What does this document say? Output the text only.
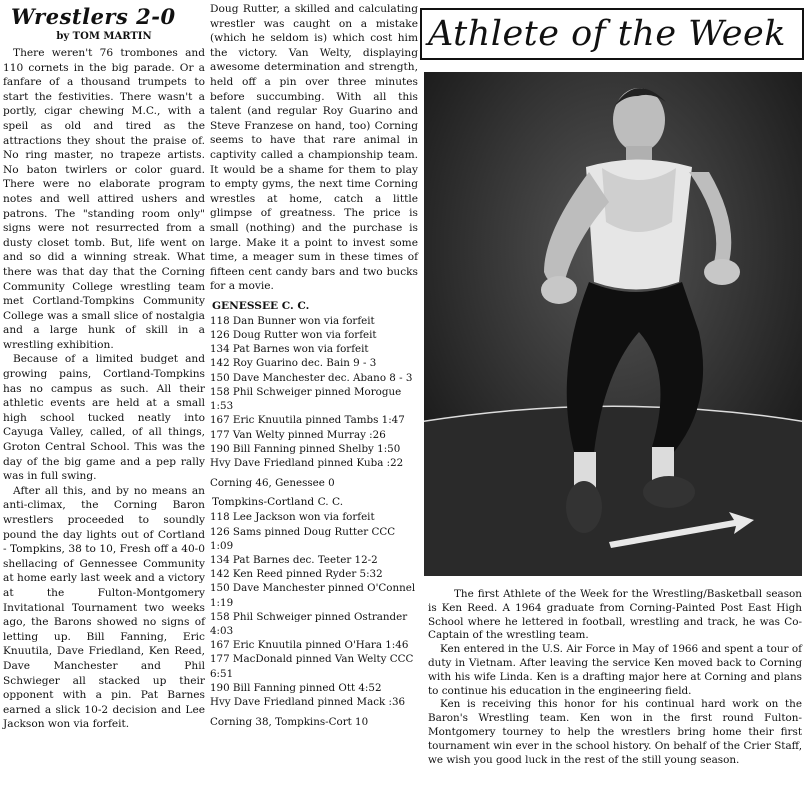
Wrestlers 2-0
by TOM MARTIN

There weren't 76 trombones and 110 cornets in the big parade. Or a fanfare of a thousand trumpets to start the festivities. There wasn't a portly, cigar chewing M.C., with a speil as old and tired as the attractions they shout the praise of. No ring master, no trapeze artists. No baton twirlers or color guard. There were no elaborate program notes and well attired ushers and patrons. The "standing room only" signs were not resurrected from a dusty closet tomb. But, life went on and so did a winning streak. What there was that day that the Corning Community College wrestling team met Cortland-Tompkins Community College was a small slice of nostalgia and a large hunk of skill in a wrestling exhibition.

Because of a limited budget and growing pains, Cortland-Tompkins has no campus as such. All their athletic events are held at a small high school tucked neatly into Cayuga Valley, called, of all things, Groton Central School. This was the day of the big game and a pep rally was in full swing.

After all this, and by no means an anti-climax, the Corning Baron wrestlers proceeded to soundly pound the day lights out of Cortland - Tompkins, 38 to 10, Fresh off a 40-0 shellacing of Gennessee Community at home early last week and a victory at the Fulton-Montgomery Invitational Tournament two weeks ago, the Barons showed no signs of letting up. Bill Fanning, Eric Knuutila, Dave Friedland, Ken Reed, Dave Manchester and Phil Schwieger all stacked up their opponent with a pin. Pat Barnes earned a slick 10-2 decision and Lee Jackson won via forfeit.

Doug Rutter, a skilled and calculating wrestler was caught on a mistake (which he seldom is) which cost him the victory. Van Welty, displaying awesome determination and strength, held off a pin over three minutes before succumbing. With all this talent (and regular Roy Guarino and Steve Franzese on hand, too) Corning seems to have that rare animal in captivity called a championship team. It would be a shame for them to play to empty gyms, the next time Corning wrestles at home, catch a little glimpse of greatness. The price is small (nothing) and the purchase is large. Make it a point to invest some time, a meager sum in these times of fifteen cent candy bars and two bucks for a movie.

GENESSEE C. C.

118 Dan Bunner won via forfeit

126 Doug Rutter won via forfeit

134 Pat Barnes won via forfeit

142 Roy Guarino dec. Bain 9 - 3

150 Dave Manchester dec. Abano 8 - 3

158 Phil Schweiger pinned Morogue 1:53

167 Eric Knuutila pinned Tambs 1:47

177 Van Welty pinned Murray :26

190 Bill Fanning pinned Shelby 1:50

Hvy Dave Friedland pinned Kuba :22

Corning 46, Genessee 0

Tompkins-Cortland C. C.

118 Lee Jackson won via forfeit

126 Sams pinned Doug Rutter CCC 1:09

134 Pat Barnes dec. Teeter 12-2

142 Ken Reed pinned Ryder 5:32

150 Dave Manchester pinned O'Connel 1:19

158 Phil Schweiger pinned Ostrander 4:03

167 Eric Knuutila pinned O'Hara 1:46

177 MacDonald pinned Van Welty CCC 6:51

190 Bill Fanning pinned Ott 4:52

Hvy Dave Friedland pinned Mack :36

Corning 38, Tompkins-Cort 10

Athlete of the Week

The first Athlete of the Week for the Wrestling/Basketball season is Ken Reed. A 1964 graduate from Corning-Painted Post East High School where he lettered in football, wrestling and track, he was Co-Captain of the wrestling team.

Ken entered in the U.S. Air Force in May of 1966 and spent a tour of duty in Vietnam. After leaving the service Ken moved back to Corning with his wife Linda. Ken is a drafting major here at Corning and plans to continue his education in the engineering field.

Ken is receiving this honor for his continual hard work on the Baron's Wrestling team. Ken won in the first round Fulton-Montgomery tourney to help the wrestlers bring home their first tournament win ever in the school history. On behalf of the Crier Staff, we wish you good luck in the rest of the still young season.
